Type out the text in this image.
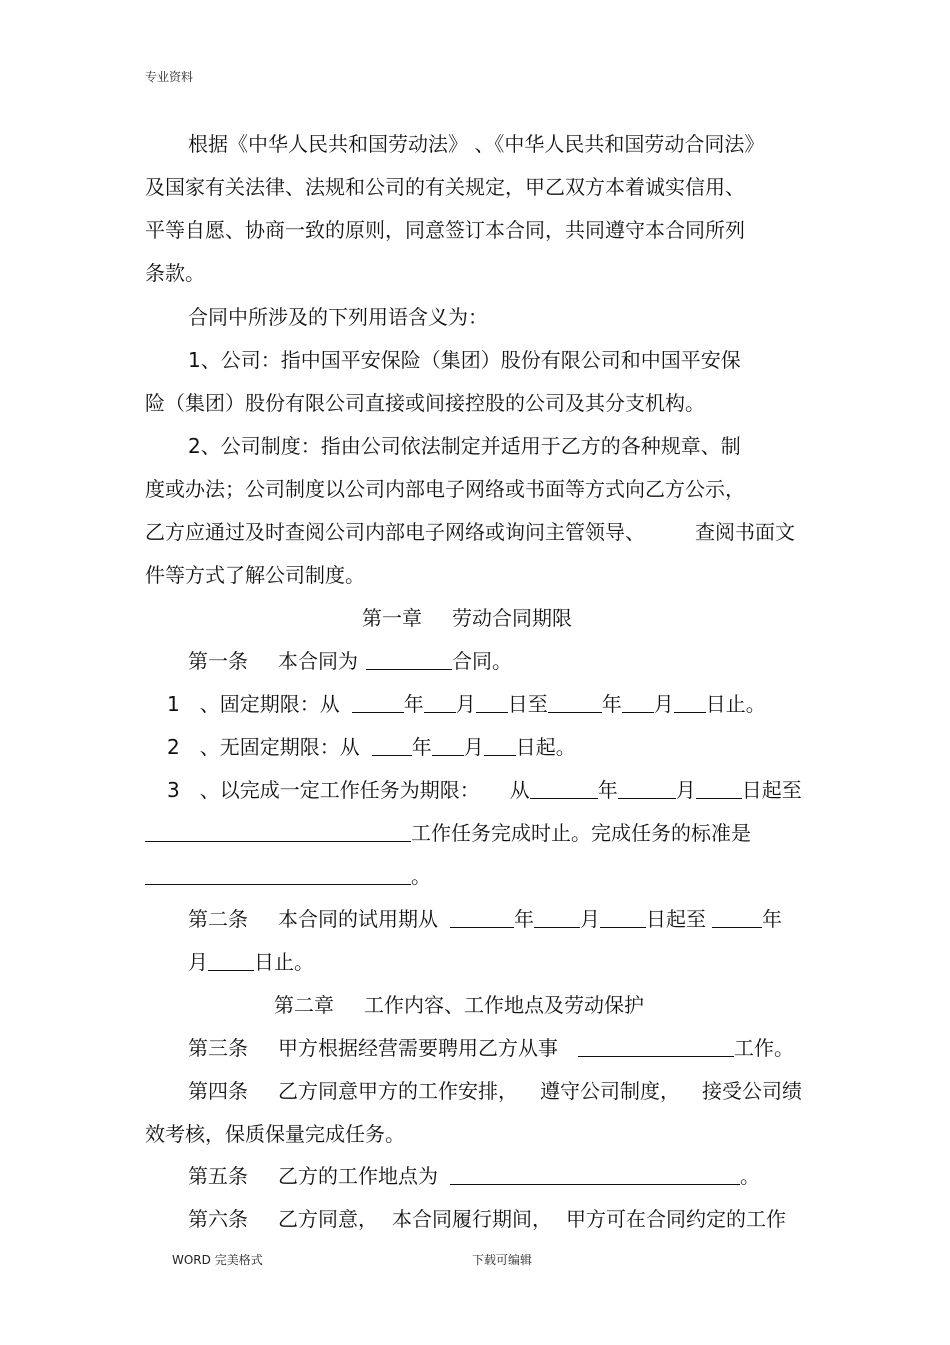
专业资料
根据《中华人民共和国劳动法》 、《中华人民共和国劳动合同法》
及国家有关法律、法规和公司的有关规定，甲乙双方本着诚实信用、
平等自愿、协商一致的原则，同意签订本合同，共同遵守本合同所列
条款。
合同中所涉及的下列用语含义为：
1、公司：指中国平安保险（集团）股份有限公司和中国平安保
险（集团）股份有限公司直接或间接控股的公司及其分支机构。
2、公司制度：指由公司依法制定并适用于乙方的各种规章、制
度或办法；公司制度以公司内部电子网络或书面等方式向乙方公示，
乙方应通过及时查阅公司内部电子网络或询问主管领导、	查阅书面文
件等方式了解公司制度。
第一章 劳动合同期限
第一条 本合同为	合同。
1 、固定期限：从	年 月 日至	年 月 日止。
2 、无固定期限：从	年 月 日起。
3 、以完成一定工作任务为期限： 从	年	月 日起至
工作任务完成时止。完成任务的标准是
。
第二条 本合同的试用期从	年 月 日起至	年
月 日止。
第二章 工作内容、工作地点及劳动保护
第三条 甲方根据经营需要聘用乙方从事	工作。
第四条 乙方同意甲方的工作安排， 遵守公司制度， 接受公司绩
效考核，保质保量完成任务。
第五条 乙方的工作地点为	。
第六条 乙方同意， 本合同履行期间， 甲方可在合同约定的工作
WORD 完美格式	下载可编辑
